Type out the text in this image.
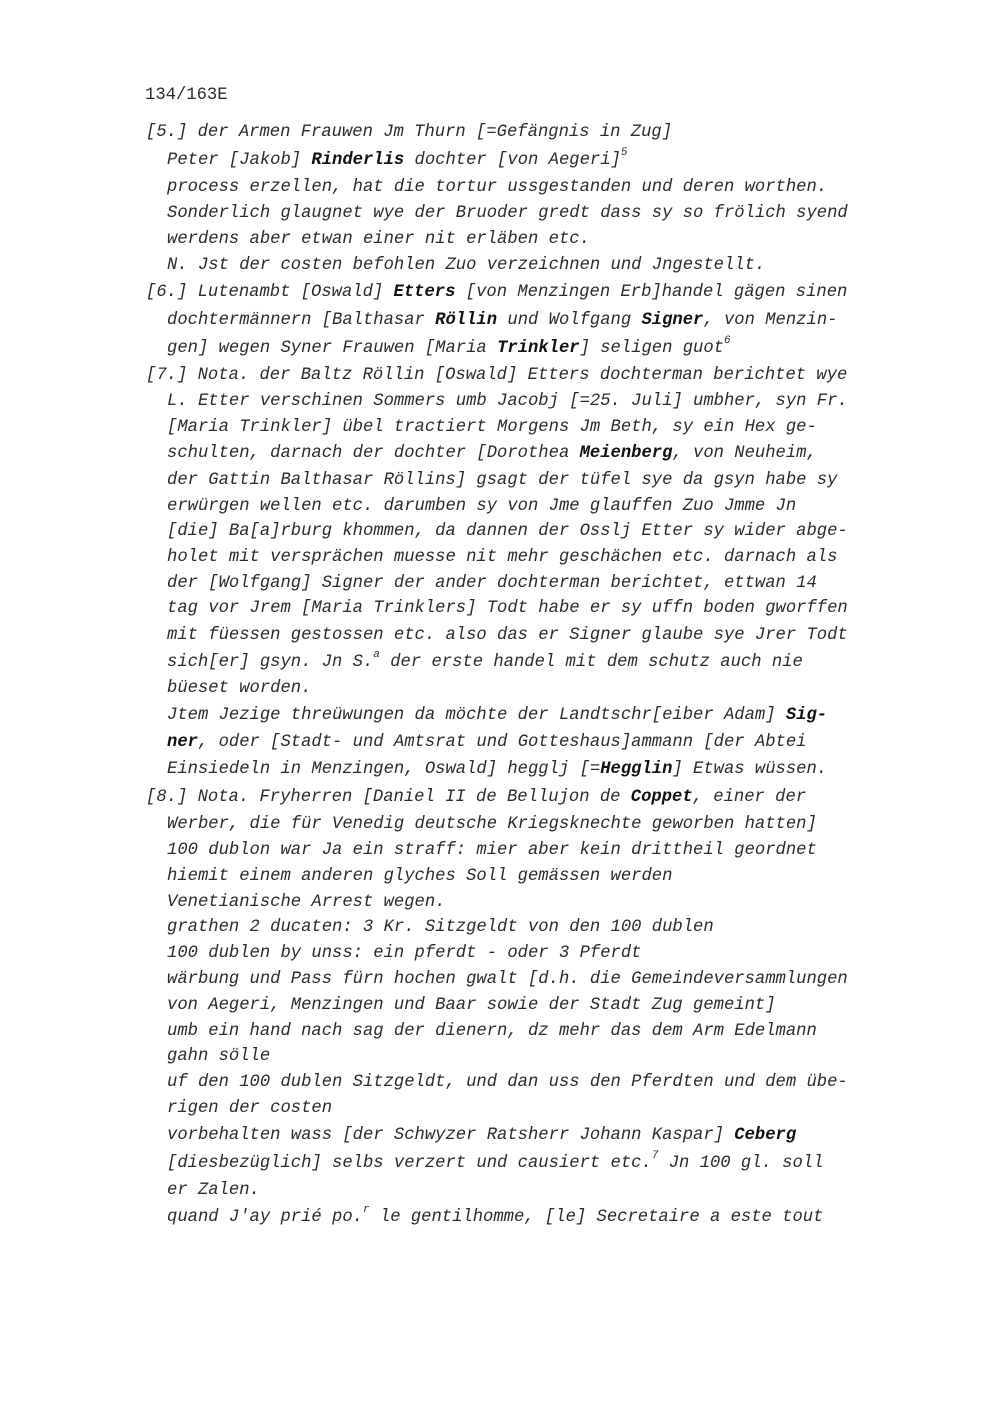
134/163E
[5.] der Armen Frauwen Jm Thurn [=Gefängnis in Zug]
Peter [Jakob] Rinderlis dochter [von Aegeri]$^5$
process erzellen, hat die tortur ussgestanden und deren worthen.
Sonderlich glaugnet wye der Bruoder gredt dass sy so frölich syend
werdens aber etwan einer nit erläben etc.
N. Jst der costen befohlen Zuo verzeichnen und Jngestellt.
[6.] Lutenambt [Oswald] Etters [von Menzingen Erb]handel gägen sinen
dochtermännern [Balthasar Röllin und Wolfgang Signer, von Menzin-
gen] wegen Syner Frauwen [Maria Trinkler] seligen guot$^6$
[7.] Nota. der Baltz Röllin [Oswald] Etters dochterman berichtet wye
L. Etter verschinen Sommers umb Jacobj [=25. Juli] umbher, syn Fr.
[Maria Trinkler] übel tractiert Morgens Jm Beth, sy ein Hex ge-
schulten, darnach der dochter [Dorothea Meienberg, von Neuheim,
der Gattin Balthasar Röllins] gsagt der tüfel sye da gsyn habe sy
erwürgen wellen etc. darumben sy von Jme glauffen Zuo Jmme Jn
[die] Ba[a]rburg khommen, da dannen der Osslj Etter sy wider abge-
holet mit versprächen muesse nit mehr geschächen etc. darnach als
der [Wolfgang] Signer der ander dochterman berichtet, ettwan 14
tag vor Jrem [Maria Trinklers] Todt habe er sy uffn boden gworffen
mit füessen gestossen etc. also das er Signer glaube sye Jrer Todt
sich[er] gsyn. Jn S.$^a$ der erste handel mit dem schutz auch nie
büeset worden.
Jtem Jezige threüwungen da möchte der Landtschr[eiber Adam] Sig-
ner, oder [Stadt- und Amtsrat und Gotteshaus]ammann [der Abtei
Einsiedeln in Menzingen, Oswald] hegglj [=Hegglin] Etwas wüssen.
[8.] Nota. Fryherren [Daniel II de Bellujon de Coppet, einer der
Werber, die für Venedig deutsche Kriegsknechte geworben hatten]
100 dublon war Ja ein straff: mier aber kein drittheil geordnet
hiemit einem anderen glyches Soll gemässen werden
Venetianische Arrest wegen.
grathen 2 ducaten: 3 Kr. Sitzgeldt von den 100 dublen
100 dublen by unss: ein pferdt - oder 3 Pferdt
wärbung und Pass fürn hochen gwalt [d.h. die Gemeindeversammlungen
von Aegeri, Menzingen und Baar sowie der Stadt Zug gemeint]
umb ein hand nach sag der dienern, dz mehr das dem Arm Edelmann
gahn sölle
uf den 100 dublen Sitzgeldt, und dan uss den Pferdten und dem übe-
rigen der costen
vorbehalten wass [der Schwyzer Ratsherr Johann Kaspar] Ceberg
[diesbezüglich] selbs verzert und causiert etc.$^7$ Jn 100 gl. soll
er Zalen.
quand J'ay prié po.$^r$ le gentilhomme, [le] Secretaire a este tout
